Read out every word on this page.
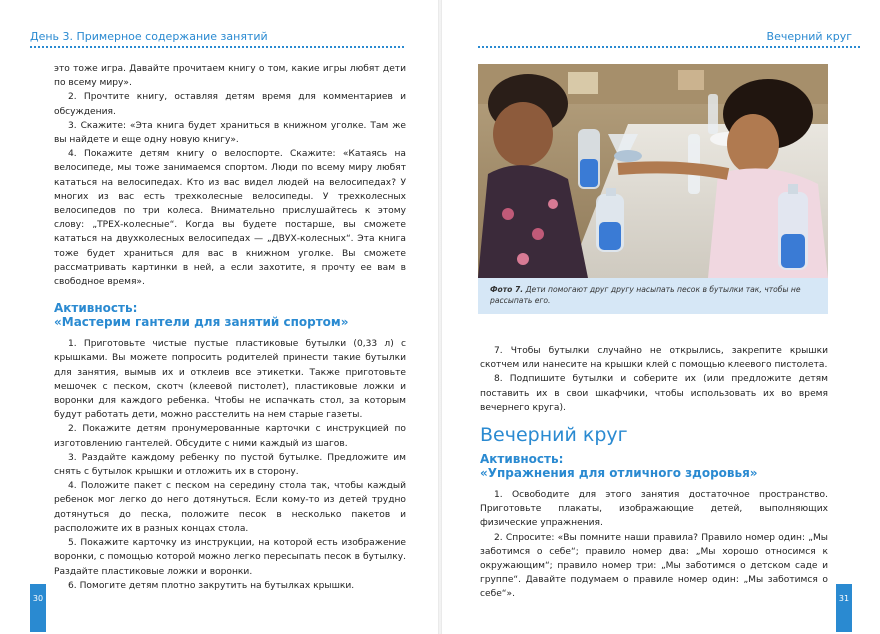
День 3. Примерное содержание занятий

это тоже игра. Давайте прочитаем книгу о том, какие игры любят дети по всему миру».

2. Прочтите книгу, оставляя детям время для комментариев и обсуждения.

3. Скажите: «Эта книга будет храниться в книжном уголке. Там же вы найдете и еще одну новую книгу».

4. Покажите детям книгу о велоспорте. Скажите: «Катаясь на велосипеде, мы тоже занимаемся спортом. Люди по всему миру любят кататься на велосипедах. Кто из вас видел людей на велосипедах? У многих из вас есть трехколесные велосипеды. У трехколесных велосипедов по три колеса. Внимательно прислушайтесь к этому слову: „ТРЕХ-колесные“. Когда вы будете постарше, вы сможете кататься на двухколесных велосипедах — „ДВУХ-колесных“. Эта книга тоже будет храниться для вас в книжном уголке. Вы сможете рассматривать картинки в ней, а если захотите, я прочту ее вам в свободное время».

Активность:
«Мастерим гантели для занятий спортом»

1. Приготовьте чистые пустые пластиковые бутылки (0,33 л) с крышками. Вы можете попросить родителей принести такие бутылки для занятия, вымыв их и отклеив все этикетки. Также приготовьте мешочек с песком, скотч (клеевой пистолет), пластиковые ложки и воронки для каждого ребенка. Чтобы не испачкать стол, за которым будут работать дети, можно расстелить на нем старые газеты.

2. Покажите детям пронумерованные карточки с инструкцией по изготовлению гантелей. Обсудите с ними каждый из шагов.

3. Раздайте каждому ребенку по пустой бутылке. Предложите им снять с бутылок крышки и отложить их в сторону.

4. Положите пакет с песком на середину стола так, чтобы каждый ребенок мог легко до него дотянуться. Если кому-то из детей трудно дотянуться до песка, положите песок в несколько пакетов и расположите их в разных концах стола.

5. Покажите карточку из инструкции, на которой есть изображение воронки, с помощью которой можно легко пересыпать песок в бутылку. Раздайте пластиковые ложки и воронки.

6. Помогите детям плотно закрутить на бутылках крышки.

30
Вечерний круг
Фото 7. Дети помогают друг другу насыпать песок в бутылки так, чтобы не рассыпать его.

7. Чтобы бутылки случайно не открылись, закрепите крышки скотчем или нанесите на крышки клей с помощью клеевого пистолета.

8. Подпишите бутылки и соберите их (или предложите детям поставить их в свои шкафчики, чтобы использовать их во время вечернего круга).

Вечерний круг
Активность:
«Упражнения для отличного здоровья»

1. Освободите для этого занятия достаточное пространство. Приготовьте плакаты, изображающие детей, выполняющих физические упражнения.

2. Спросите: «Вы помните наши правила? Правило номер один: „Мы заботимся о себе“; правило номер два: „Мы хорошо относимся к окружающим“; правило номер три: „Мы заботимся о детском саде и группе“. Давайте подумаем о правиле номер один: „Мы заботимся о себе“».	31
